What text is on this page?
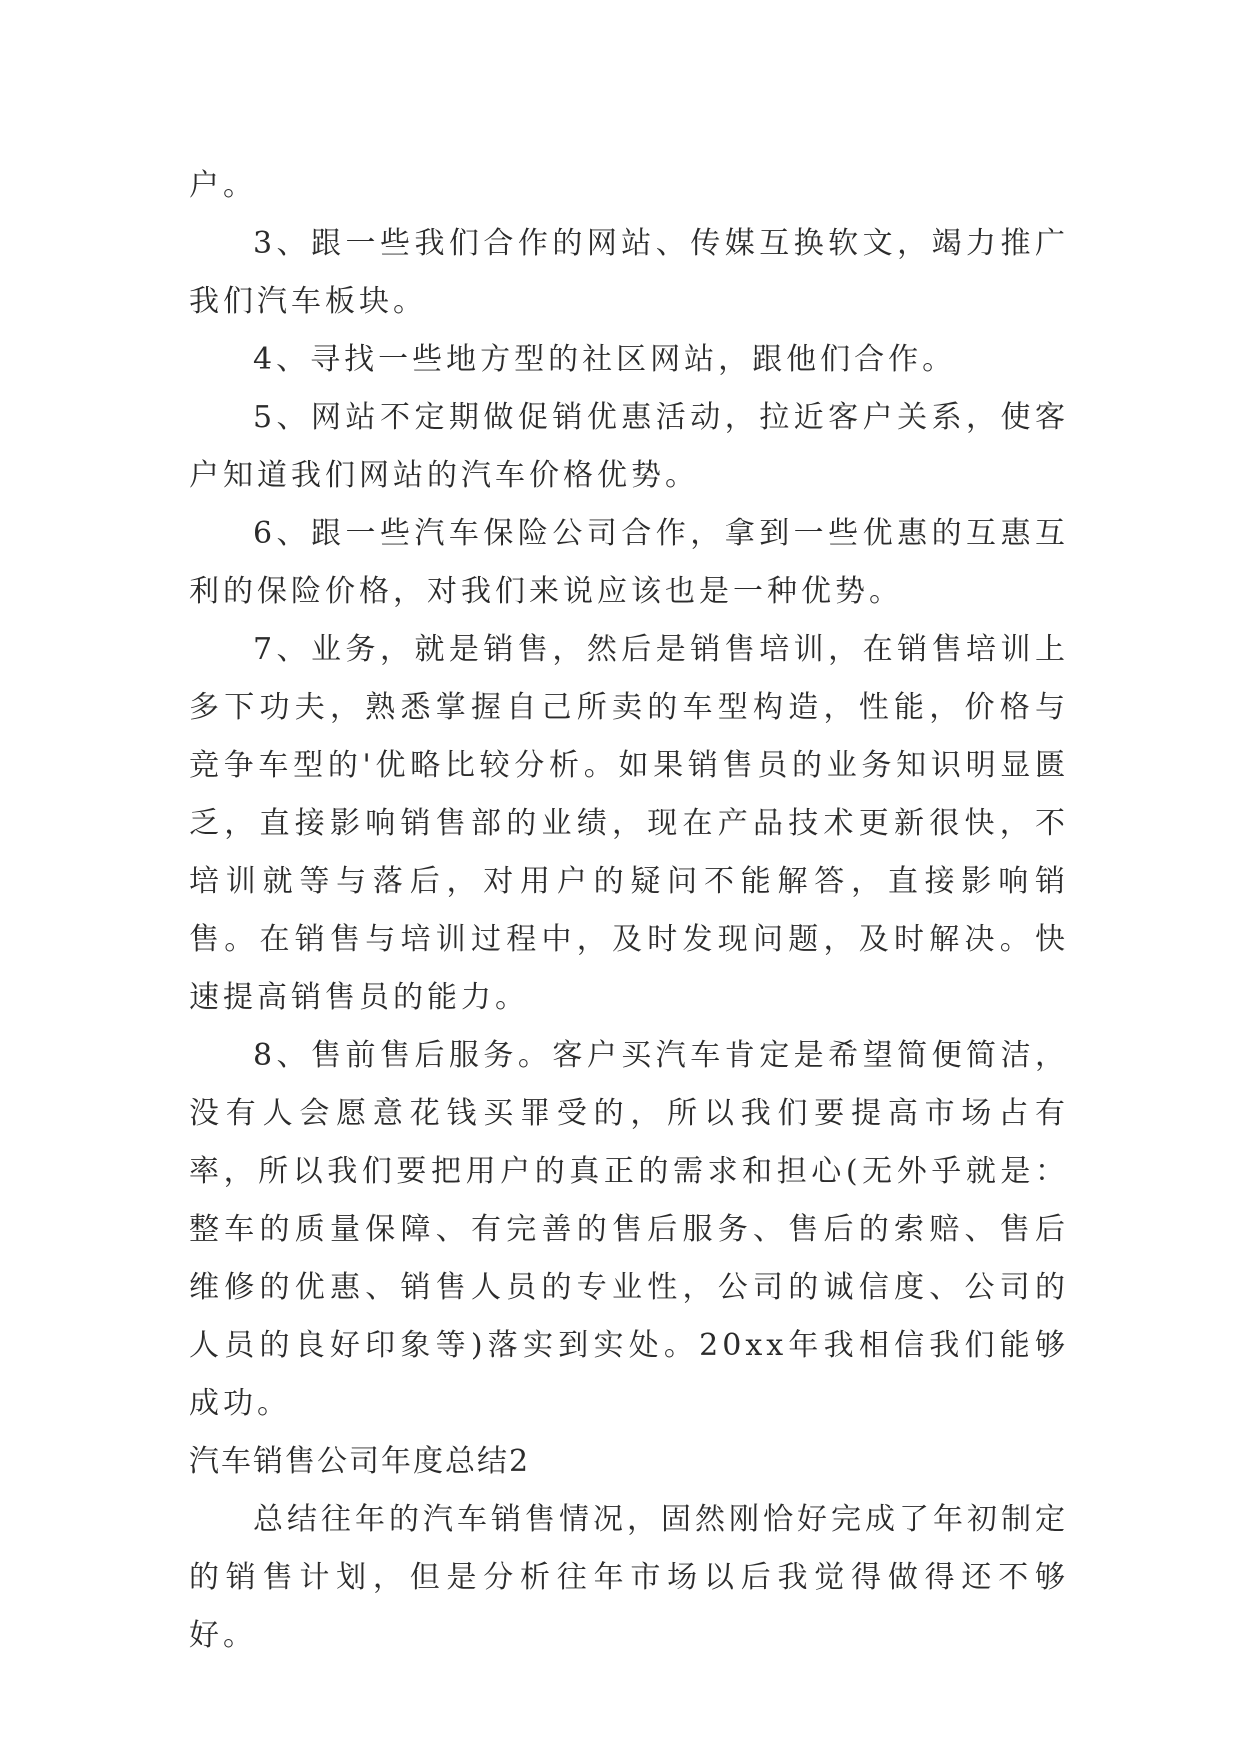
户。

3、跟一些我们合作的网站、传媒互换软文，竭力推广我们汽车板块。

4、寻找一些地方型的社区网站，跟他们合作。

5、网站不定期做促销优惠活动，拉近客户关系，使客户知道我们网站的汽车价格优势。

6、跟一些汽车保险公司合作，拿到一些优惠的互惠互利的保险价格，对我们来说应该也是一种优势。

7、业务，就是销售，然后是销售培训，在销售培训上多下功夫，熟悉掌握自己所卖的车型构造，性能，价格与竞争车型的'优略比较分析。如果销售员的业务知识明显匮乏，直接影响销售部的业绩，现在产品技术更新很快，不培训就等与落后，对用户的疑问不能解答，直接影响销售。在销售与培训过程中，及时发现问题，及时解决。快速提高销售员的能力。

8、售前售后服务。客户买汽车肯定是希望简便简洁，没有人会愿意花钱买罪受的，所以我们要提高市场占有率，所以我们要把用户的真正的需求和担心(无外乎就是：整车的质量保障、有完善的售后服务、售后的索赔、售后维修的优惠、销售人员的专业性，公司的诚信度、公司的人员的良好印象等)落实到实处。20xx年我相信我们能够成功。

汽车销售公司年度总结2

总结往年的汽车销售情况，固然刚恰好完成了年初制定的销售计划，但是分析往年市场以后我觉得做得还不够好。
